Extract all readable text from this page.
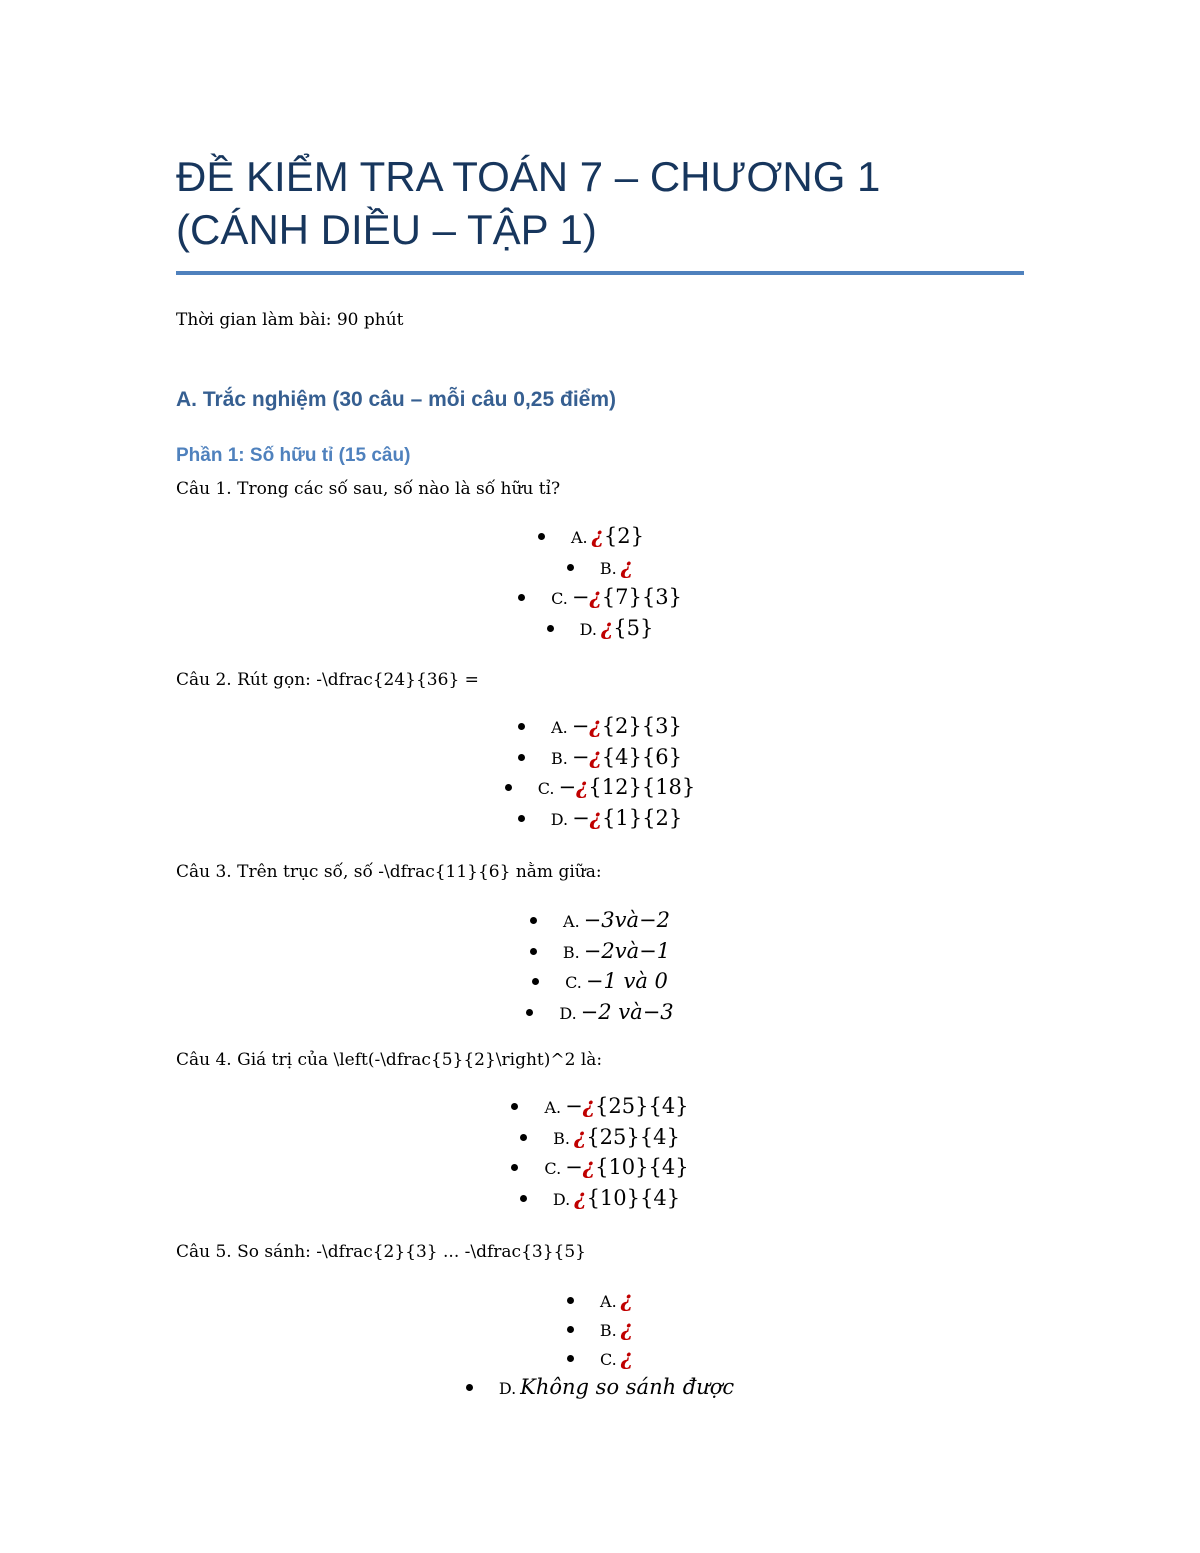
ĐỀ KIỂM TRA TOÁN 7 – CHƯƠNG 1
(CÁNH DIỀU – TẬP 1)

Thời gian làm bài: 90 phút

A. Trắc nghiệm (30 câu – mỗi câu 0,25 điểm)
Phần 1: Số hữu tỉ (15 câu)

Câu 1. Trong các số sau, số nào là số hữu tỉ?

A. ¿{2}
B. ¿
C. −¿{7}{3}
D. ¿{5}

Câu 2. Rút gọn: -\dfrac{24}{36} =

A. −¿{2}{3}
B. −¿{4}{6}
C. −¿{12}{18}
D. −¿{1}{2}

Câu 3. Trên trục số, số -\dfrac{11}{6} nằm giữa:

A. −3và−2
B. −2và−1
C. −1 và 0
D. −2 và−3

Câu 4. Giá trị của \left(-\dfrac{5}{2}\right)^2 là:

A. −¿{25}{4}
B. ¿{25}{4}
C. −¿{10}{4}
D. ¿{10}{4}

Câu 5. So sánh: -\dfrac{2}{3} ... -\dfrac{3}{5}

A. ¿
B. ¿
C. ¿
D. Không so sánh được
